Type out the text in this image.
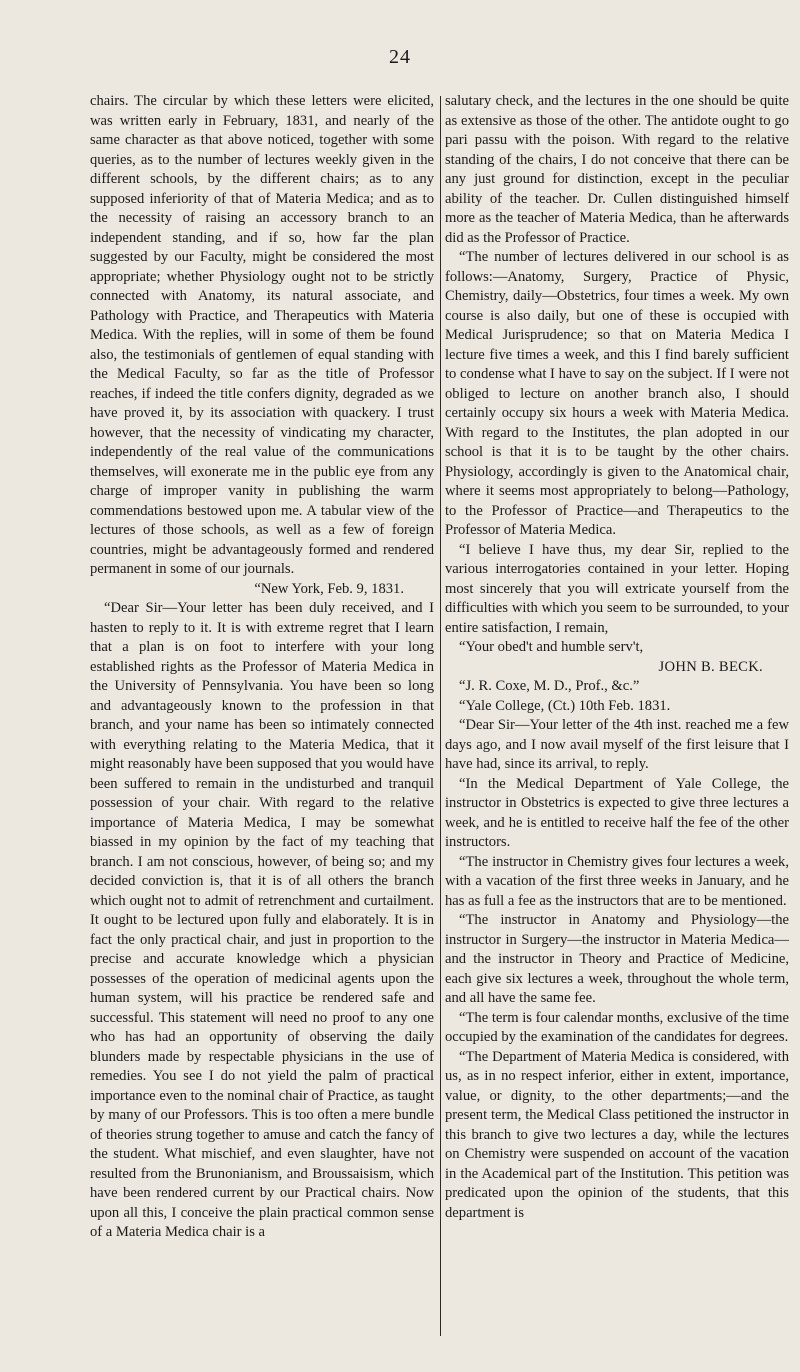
24

chairs. The circular by which these letters were elicited, was written early in February, 1831, and nearly of the same character as that above noticed, together with some queries, as to the number of lectures weekly given in the different schools, by the different chairs; as to any supposed inferiority of that of Materia Medica; and as to the necessity of raising an accessory branch to an independent standing, and if so, how far the plan suggested by our Faculty, might be considered the most appropriate; whether Physiology ought not to be strictly connected with Anatomy, its natural associate, and Pathology with Practice, and Therapeutics with Materia Medica. With the replies, will in some of them be found also, the testimonials of gentlemen of equal standing with the Medical Faculty, so far as the title of Professor reaches, if indeed the title confers dignity, degraded as we have proved it, by its association with quackery. I trust however, that the necessity of vindicating my character, independently of the real value of the communications themselves, will exonerate me in the public eye from any charge of improper vanity in publishing the warm commendations bestowed upon me. A tabular view of the lectures of those schools, as well as a few of foreign countries, might be advantageously formed and rendered permanent in some of our journals.

“New York, Feb. 9, 1831.

“Dear Sir—Your letter has been duly received, and I hasten to reply to it. It is with extreme regret that I learn that a plan is on foot to interfere with your long established rights as the Professor of Materia Medica in the University of Pennsylvania. You have been so long and advantageously known to the profession in that branch, and your name has been so intimately connected with everything relating to the Materia Medica, that it might reasonably have been supposed that you would have been suffered to remain in the undisturbed and tranquil possession of your chair. With regard to the relative importance of Materia Medica, I may be somewhat biassed in my opinion by the fact of my teaching that branch. I am not conscious, however, of being so; and my decided conviction is, that it is of all others the branch which ought not to admit of retrenchment and curtailment. It ought to be lectured upon fully and elaborately. It is in fact the only practical chair, and just in proportion to the precise and accurate knowledge which a physician possesses of the operation of medicinal agents upon the human system, will his practice be rendered safe and successful. This statement will need no proof to any one who has had an opportunity of observing the daily blunders made by respectable physicians in the use of remedies. You see I do not yield the palm of practical importance even to the nominal chair of Practice, as taught by many of our Professors. This is too often a mere bundle of theories strung together to amuse and catch the fancy of the student. What mischief, and even slaughter, have not resulted from the Brunonianism, and Broussaisism, which have been rendered current by our Practical chairs. Now upon all this, I conceive the plain practical common sense of a Materia Medica chair is a

salutary check, and the lectures in the one should be quite as extensive as those of the other. The antidote ought to go pari passu with the poison. With regard to the relative standing of the chairs, I do not conceive that there can be any just ground for distinction, except in the peculiar ability of the teacher. Dr. Cullen distinguished himself more as the teacher of Materia Medica, than he afterwards did as the Professor of Practice.

“The number of lectures delivered in our school is as follows:—Anatomy, Surgery, Practice of Physic, Chemistry, daily—Obstetrics, four times a week. My own course is also daily, but one of these is occupied with Medical Jurisprudence; so that on Materia Medica I lecture five times a week, and this I find barely sufficient to condense what I have to say on the subject. If I were not obliged to lecture on another branch also, I should certainly occupy six hours a week with Materia Medica. With regard to the Institutes, the plan adopted in our school is that it is to be taught by the other chairs. Physiology, accordingly is given to the Anatomical chair, where it seems most appropriately to belong—Pathology, to the Professor of Practice—and Therapeutics to the Professor of Materia Medica.

“I believe I have thus, my dear Sir, replied to the various interrogatories contained in your letter. Hoping most sincerely that you will extricate yourself from the difficulties with which you seem to be surrounded, to your entire satisfaction, I remain,

“Your obed't and humble serv't,

JOHN B. BECK.

“J. R. Coxe, M. D., Prof., &c.”

“Yale College, (Ct.) 10th Feb. 1831.

“Dear Sir—Your letter of the 4th inst. reached me a few days ago, and I now avail myself of the first leisure that I have had, since its arrival, to reply.

“In the Medical Department of Yale College, the instructor in Obstetrics is expected to give three lectures a week, and he is entitled to receive half the fee of the other instructors.

“The instructor in Chemistry gives four lectures a week, with a vacation of the first three weeks in January, and he has as full a fee as the instructors that are to be mentioned.

“The instructor in Anatomy and Physiology—the instructor in Surgery—the instructor in Materia Medica—and the instructor in Theory and Practice of Medicine, each give six lectures a week, throughout the whole term, and all have the same fee.

“The term is four calendar months, exclusive of the time occupied by the examination of the candidates for degrees.

“The Department of Materia Medica is considered, with us, as in no respect inferior, either in extent, importance, value, or dignity, to the other departments;—and the present term, the Medical Class petitioned the instructor in this branch to give two lectures a day, while the lectures on Chemistry were suspended on account of the vacation in the Academical part of the Institution. This petition was predicated upon the opinion of the students, that this department is
